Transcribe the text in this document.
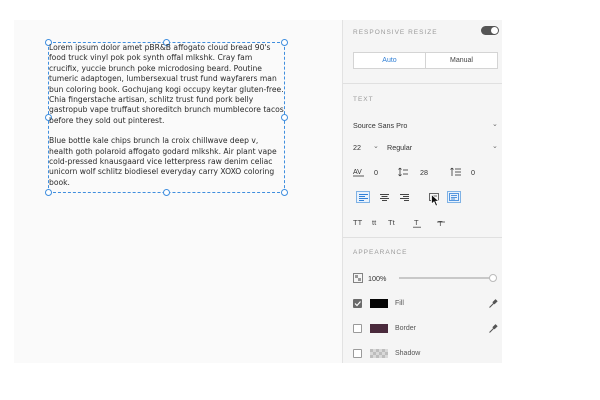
Lorem ipsum dolor amet pBR&B affogato cloud bread 90's food truck vinyl pok pok synth offal mlkshk. Cray fam crucifix, yuccie brunch poke microdosing beard. Poutine tumeric adaptogen, lumbersexual trust fund wayfarers man bun coloring book. Gochujang kogi occupy keytar gluten-free. Chia fingerstache artisan, schlitz trust fund pork belly gastropub vape truffaut shoreditch brunch mumblecore tacos before they sold out pinterest.

Blue bottle kale chips brunch la croix chillwave deep v, health goth polaroid affogato godard mlkshk. Air plant vape cold-pressed knausgaard vice letterpress raw denim celiac unicorn wolf schlitz biodiesel everyday carry XOXO coloring book.

RESPONSIVE RESIZE
Auto	Manual
TEXT
Source Sans Pro	⌄
22 ⌄ Regular	⌄
AV 0	28	0
TT tt Tt	T	T
APPEARANCE
100%
Fill
Border
Shadow
